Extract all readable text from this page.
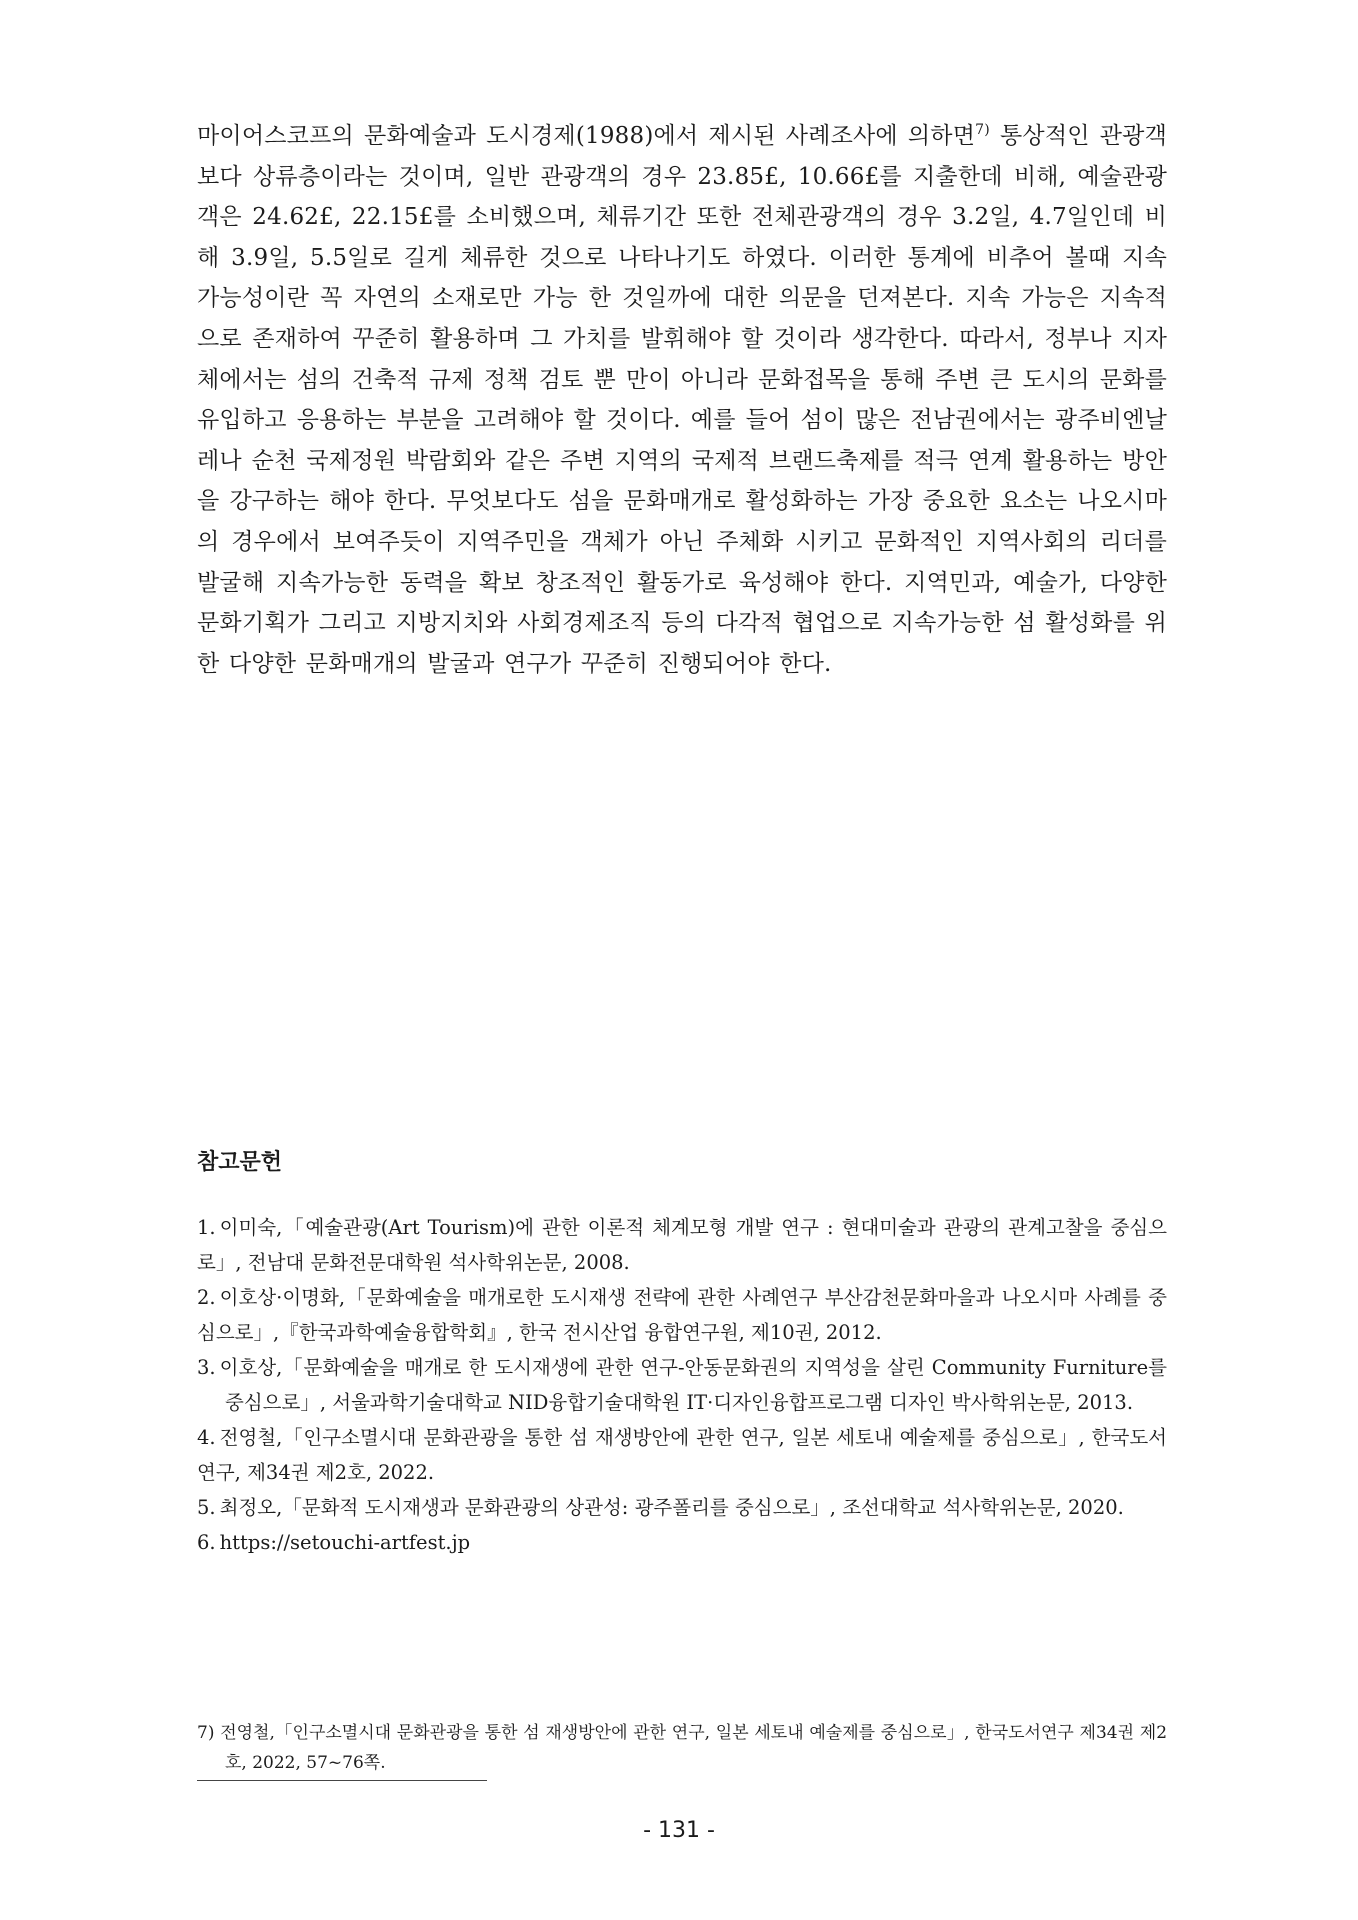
마이어스코프의 문화예술과 도시경제(1988)에서 제시된 사례조사에 의하면$^{7)}$ 통상적인 관광객보다 상류층이라는 것이며, 일반 관광객의 경우 23.85£, 10.66£를 지출한데 비해, 예술관광객은 24.62£, 22.15£를 소비했으며, 체류기간 또한 전체관광객의 경우 3.2일, 4.7일인데 비해 3.9일, 5.5일로 길게 체류한 것으로 나타나기도 하였다. 이러한 통계에 비추어 볼때 지속 가능성이란 꼭 자연의 소재로만 가능 한 것일까에 대한 의문을 던져본다. 지속 가능은 지속적으로 존재하여 꾸준히 활용하며 그 가치를 발휘해야 할 것이라 생각한다. 따라서, 정부나 지자체에서는 섬의 건축적 규제 정책 검토 뿐 만이 아니라 문화접목을 통해 주변 큰 도시의 문화를 유입하고 응용하는 부분을 고려해야 할 것이다. 예를 들어 섬이 많은 전남권에서는 광주비엔날레나 순천 국제정원 박람회와 같은 주변 지역의 국제적 브랜드축제를 적극 연계 활용하는 방안을 강구하는 해야 한다. 무엇보다도 섬을 문화매개로 활성화하는 가장 중요한 요소는 나오시마의 경우에서 보여주듯이 지역주민을 객체가 아닌 주체화 시키고 문화적인 지역사회의 리더를 발굴해 지속가능한 동력을 확보 창조적인 활동가로 육성해야 한다. 지역민과, 예술가, 다양한 문화기획가 그리고 지방지치와 사회경제조직 등의 다각적 협업으로 지속가능한 섬 활성화를 위한 다양한 문화매개의 발굴과 연구가 꾸준히 진행되어야 한다.

참고문헌
1. 이미숙,「예술관광(Art Tourism)에 관한 이론적 체계모형 개발 연구 : 현대미술과 관광의 관계고찰을 중심으로」, 전남대 문화전문대학원 석사학위논문, 2008.
2. 이호상·이명화,「문화예술을 매개로한 도시재생 전략에 관한 사례연구 부산감천문화마을과 나오시마 사례를 중심으로」,『한국과학예술융합학회』, 한국 전시산업 융합연구원, 제10권, 2012.
3. 이호상,「문화예술을 매개로 한 도시재생에 관한 연구-안동문화권의 지역성을 살린 Community Furniture를 중심으로」, 서울과학기술대학교 NID융합기술대학원 IT·디자인융합프로그램 디자인 박사학위논문, 2013.
4. 전영철,「인구소멸시대 문화관광을 통한 섬 재생방안에 관한 연구, 일본 세토내 예술제를 중심으로」, 한국도서연구, 제34권 제2호, 2022.
5. 최정오,「문화적 도시재생과 문화관광의 상관성: 광주폴리를 중심으로」, 조선대학교 석사학위논문, 2020.
6. https://setouchi-artfest.jp

7) 전영철,「인구소멸시대 문화관광을 통한 섬 재생방안에 관한 연구, 일본 세토내 예술제를 중심으로」, 한국도서연구 제34권 제2호, 2022, 57~76쪽.

- 131 -
